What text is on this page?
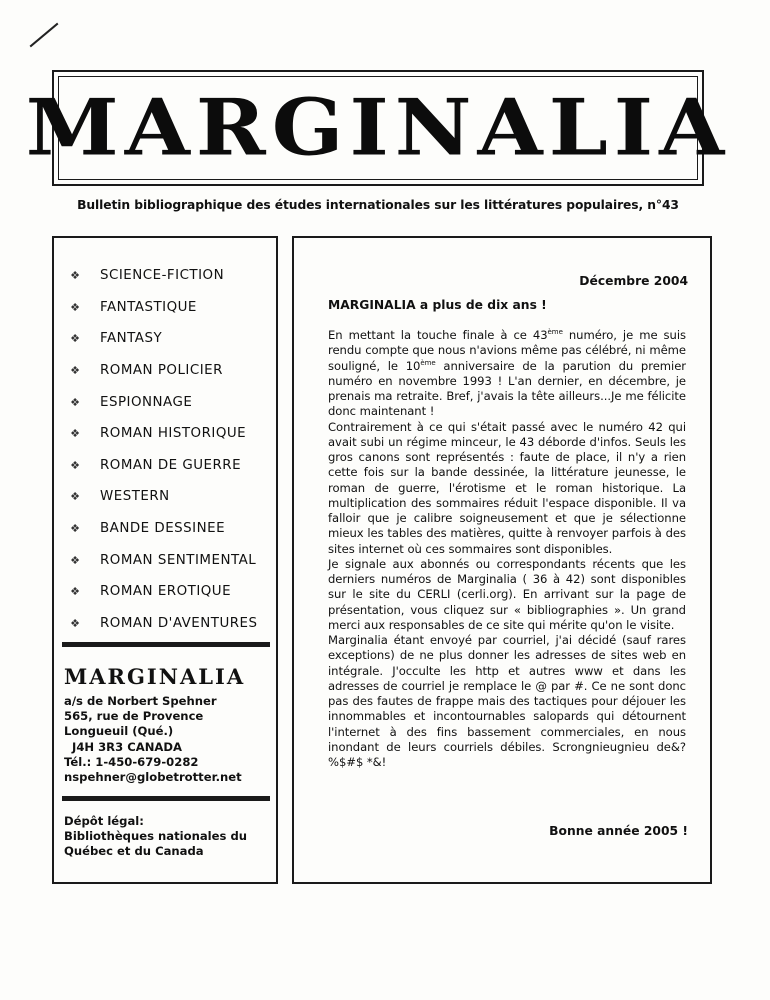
MARGINALIA
Bulletin bibliographique des études internationales sur les littératures populaires, n°43
❖ SCIENCE-FICTION
❖ FANTASTIQUE
❖ FANTASY
❖ ROMAN POLICIER
❖ ESPIONNAGE
❖ ROMAN HISTORIQUE
❖ ROMAN DE GUERRE
❖ WESTERN
❖ BANDE DESSINEE
❖ ROMAN SENTIMENTAL
❖ ROMAN EROTIQUE
❖ ROMAN D'AVENTURES
MARGINALIA
a/s de Norbert Spehner
565, rue de Provence
Longueuil (Qué.)
J4H 3R3 CANADA
Tél.: 1-450-679-0282
nspehner@globetrotter.net
Dépôt légal:
Bibliothèques nationales du
Québec et du Canada
Décembre 2004
MARGINALIA a plus de dix ans !

En mettant la touche finale à ce 43ème numéro, je me suis rendu compte que nous n'avions même pas célébré, ni même souligné, le 10ème anniversaire de la parution du premier numéro en novembre 1993 ! L'an dernier, en décembre, je prenais ma retraite. Bref, j'avais la tête ailleurs...Je me félicite donc maintenant !

Contrairement à ce qui s'était passé avec le numéro 42 qui avait subi un régime minceur, le 43 déborde d'infos. Seuls les gros canons sont représentés : faute de place, il n'y a rien cette fois sur la bande dessinée, la littérature jeunesse, le roman de guerre, l'érotisme et le roman historique. La multiplication des sommaires réduit l'espace disponible. Il va falloir que je calibre soigneusement et que je sélectionne mieux les tables des matières, quitte à renvoyer parfois à des sites internet où ces sommaires sont disponibles.

Je signale aux abonnés ou correspondants récents que les derniers numéros de Marginalia ( 36 à 42) sont disponibles sur le site du CERLI (cerli.org). En arrivant sur la page de présentation, vous cliquez sur « bibliographies ». Un grand merci aux responsables de ce site qui mérite qu'on le visite.

Marginalia étant envoyé par courriel, j'ai décidé (sauf rares exceptions) de ne plus donner les adresses de sites web en intégrale. J'occulte les http et autres www et dans les adresses de courriel je remplace le @ par #. Ce ne sont donc pas des fautes de frappe mais des tactiques pour déjouer les innommables et incontournables salopards qui détournent l'internet à des fins bassement commerciales, en nous inondant de leurs courriels débiles. Scrongnieugnieu de&?%$#$ *&!

Bonne année 2005 !
